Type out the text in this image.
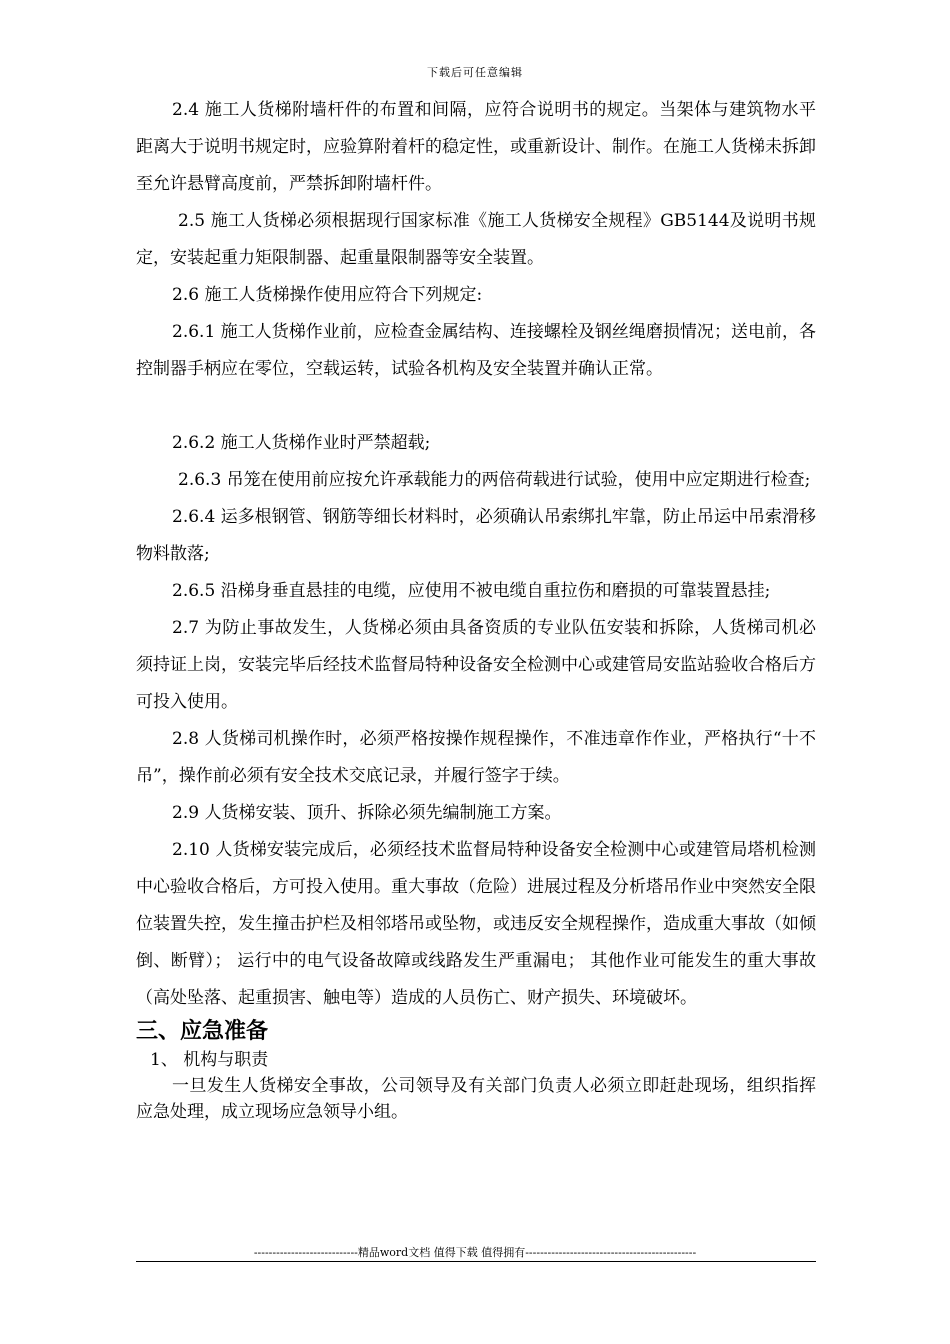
下载后可任意编辑

2.4 施工人货梯附墙杆件的布置和间隔，应符合说明书的规定。当架体与建筑物水平距离大于说明书规定时，应验算附着杆的稳定性，或重新设计、制作。在施工人货梯未拆卸至允许悬臂高度前，严禁拆卸附墙杆件。

2.5 施工人货梯必须根据现行国家标准《施工人货梯安全规程》GB5144及说明书规定，安装起重力矩限制器、起重量限制器等安全装置。

2.6 施工人货梯操作使用应符合下列规定:

2.6.1 施工人货梯作业前，应检查金属结构、连接螺栓及钢丝绳磨损情况；送电前，各控制器手柄应在零位，空载运转，试验各机构及安全装置并确认正常。

2.6.2 施工人货梯作业时严禁超载;

2.6.3 吊笼在使用前应按允许承载能力的两倍荷载进行试验，使用中应定期进行检查;

2.6.4 运多根钢管、钢筋等细长材料时，必须确认吊索绑扎牢靠，防止吊运中吊索滑移物料散落;

2.6.5 沿梯身垂直悬挂的电缆，应使用不被电缆自重拉伤和磨损的可靠装置悬挂;

2.7 为防止事故发生，人货梯必须由具备资质的专业队伍安装和拆除，人货梯司机必须持证上岗，安装完毕后经技术监督局特种设备安全检测中心或建管局安监站验收合格后方可投入使用。

2.8 人货梯司机操作时，必须严格按操作规程操作，不准违章作作业，严格执行“十不吊”，操作前必须有安全技术交底记录，并履行签字于续。

2.9 人货梯安装、顶升、拆除必须先编制施工方案。

2.10 人货梯安装完成后，必须经技术监督局特种设备安全检测中心或建管局塔机检测中心验收合格后，方可投入使用。重大事故（危险）进展过程及分析塔吊作业中突然安全限位装置失控，发生撞击护栏及相邻塔吊或坠物，或违反安全规程操作，造成重大事故（如倾倒、断臂）； 运行中的电气设备故障或线路发生严重漏电； 其他作业可能发生的重大事故（高处坠落、起重损害、触电等）造成的人员伤亡、财产损失、环境破坏。

三、应急准备

1、 机构与职责

一旦发生人货梯安全事故，公司领导及有关部门负责人必须立即赶赴现场，组织指挥应急处理，成立现场应急领导小组。

----------------------------精品word文档 值得下载 值得拥有----------------------------------------------
